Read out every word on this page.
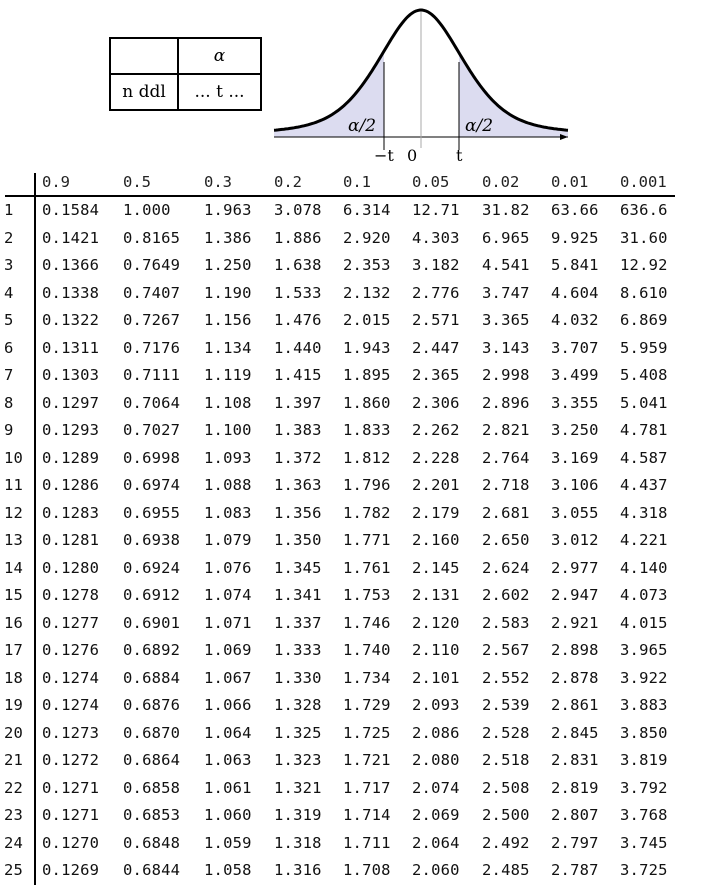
	α
n ddl	... t ...
α/2	α/2
−t 0 t
0.9	0.5	0.3	0.2	0.1	0.05 0.02 0.01 0.001
1 0.1584 1.000 1.963 3.078 6.314 12.71 31.82 63.66 636.6
2 0.1421 0.8165 1.386 1.886 2.920 4.303 6.965 9.925 31.60
3 0.1366 0.7649 1.250 1.638 2.353 3.182 4.541 5.841 12.92
4 0.1338 0.7407 1.190 1.533 2.132 2.776 3.747 4.604 8.610
5 0.1322 0.7267 1.156 1.476 2.015 2.571 3.365 4.032 6.869
6 0.1311 0.7176 1.134 1.440 1.943 2.447 3.143 3.707 5.959
7 0.1303 0.7111 1.119 1.415 1.895 2.365 2.998 3.499 5.408
8 0.1297 0.7064 1.108 1.397 1.860 2.306 2.896 3.355 5.041
9 0.1293 0.7027 1.100 1.383 1.833 2.262 2.821 3.250 4.781
10 0.1289 0.6998 1.093 1.372 1.812 2.228 2.764 3.169 4.587
11 0.1286 0.6974 1.088 1.363 1.796 2.201 2.718 3.106 4.437
12 0.1283 0.6955 1.083 1.356 1.782 2.179 2.681 3.055 4.318
13 0.1281 0.6938 1.079 1.350 1.771 2.160 2.650 3.012 4.221
14 0.1280 0.6924 1.076 1.345 1.761 2.145 2.624 2.977 4.140
15 0.1278 0.6912 1.074 1.341 1.753 2.131 2.602 2.947 4.073
16 0.1277 0.6901 1.071 1.337 1.746 2.120 2.583 2.921 4.015
17 0.1276 0.6892 1.069 1.333 1.740 2.110 2.567 2.898 3.965
18 0.1274 0.6884 1.067 1.330 1.734 2.101 2.552 2.878 3.922
19 0.1274 0.6876 1.066 1.328 1.729 2.093 2.539 2.861 3.883
20 0.1273 0.6870 1.064 1.325 1.725 2.086 2.528 2.845 3.850
21 0.1272 0.6864 1.063 1.323 1.721 2.080 2.518 2.831 3.819
22 0.1271 0.6858 1.061 1.321 1.717 2.074 2.508 2.819 3.792
23 0.1271 0.6853 1.060 1.319 1.714 2.069 2.500 2.807 3.768
24 0.1270 0.6848 1.059 1.318 1.711 2.064 2.492 2.797 3.745
25 0.1269 0.6844 1.058 1.316 1.708 2.060 2.485 2.787 3.725
